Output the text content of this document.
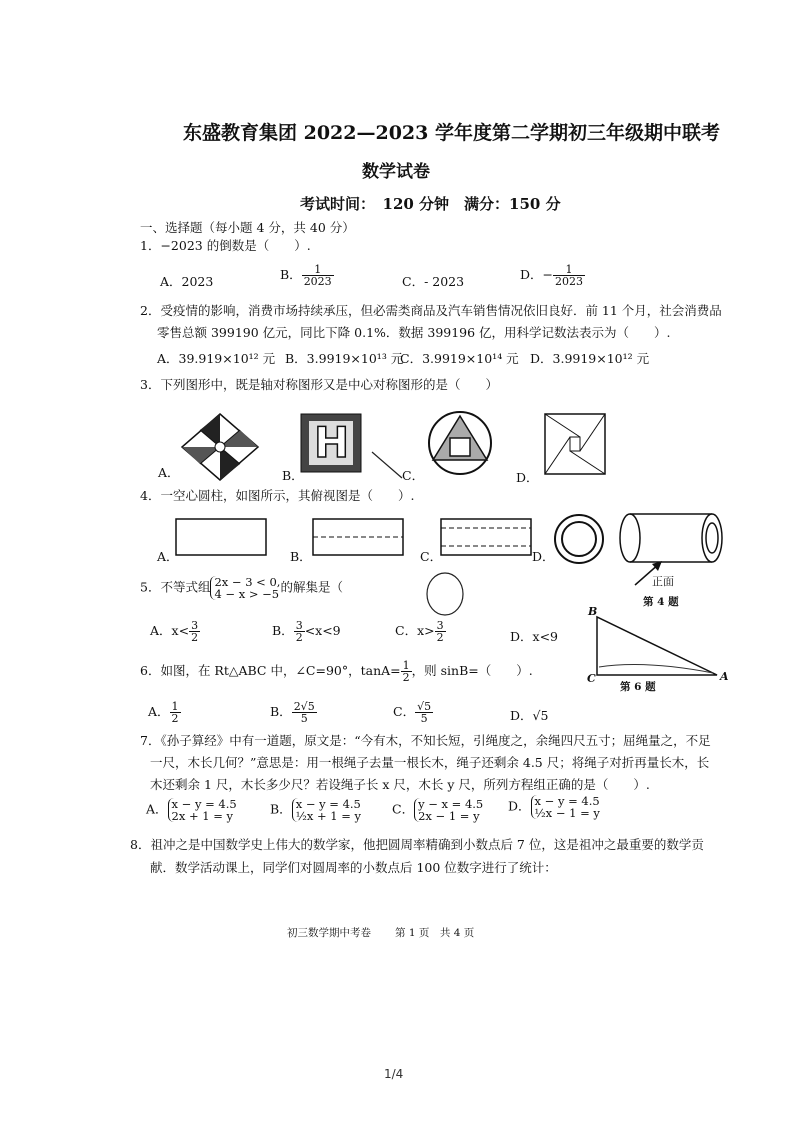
东盛教育集团 2022—2023 学年度第二学期初三年级期中联考
数学试卷
考试时间：　120 分钟　满分：150 分
一、选择题（每小题 4 分，共 40 分）
1．−2023 的倒数是（　　）.
A．2023	B． $\frac{1}{2023}$	C．- 2023	D．− $\frac{1}{2023}$
2．受疫情的影响，消费市场持续承压，但必需类商品及汽车销售情况依旧良好．前 11 个月，社会消费品
零售总额 399190 亿元，同比下降 0.1%．数据 399196 亿，用科学记数法表示为（　　）.
A．39.919×10¹² 元 B．3.9919×10¹³ 元
C．3.9919×10¹⁴ 元 D．3.9919×10¹² 元
3．下列图形中，既是轴对称图形又是中心对称图形的是（　　）
A．
H
B．	C．	D．
4．一空心圆柱，如图所示，其俯视图是（　　）.
A．	B．	C．	D．
正面
第 4 题
5．不等式组 2x − 3 < 0,
4 − x > −5 的解集是（
A．$x< \frac{3}{2}$	B． $\frac{3}{2} <x<9$	C．$x> \frac{3}{2}$	D．x<9
B
C	A
第 6 题
6．如图，在 Rt△ABC 中，∠C=90°，$\tan A= \frac{1}{2}$ ，则 sinB=（　　）.
A． $\frac{1}{2}$	B． $\frac{2√5}{5}$	C． $\frac{√5}{5}$	D．√5
7．《孙子算经》中有一道题，原文是：“今有木，不知长短，引绳度之，余绳四尺五寸；屈绳量之，不足
一尺，木长几何？”意思是：用一根绳子去量一根长木，绳子还剩余 4.5 尺；将绳子对折再量长木，长
木还剩余 1 尺，木长多少尺？若设绳子长 x 尺，木长 y 尺，所列方程组正确的是（　　）.
A． x − y = 4.5
2x + 1 = y	B． x − y = 4.5
½x + 1 = y C． y − x = 4.5
2x − 1 = y
D． x − y = 4.5
½x − 1 = y
8．祖冲之是中国数学史上伟大的数学家，他把圆周率精确到小数点后 7 位，这是祖冲之最重要的数学贡
献．数学活动课上，同学们对圆周率的小数点后 100 位数字进行了统计：
初三数学期中考卷 第 1 页　共 4 页
1/4
